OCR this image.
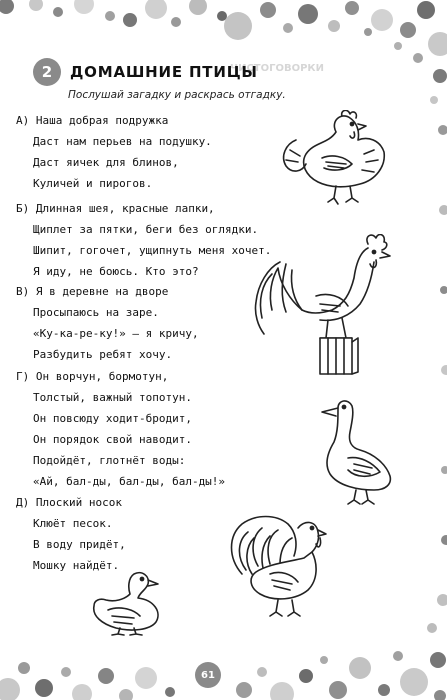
ЧИСТОГОВОРКИ
2	ДОМАШНИЕ ПТИЦЫ
Послушай загадку и раскрась отгадку.
А) Наша добрая подружка
Даст нам перьев на подушку.
Даст яичек для блинов,
Куличей и пирогов.
Б) Длинная шея, красные лапки,
Щиплет за пятки, беги без оглядки.
Шипит, гогочет, ущипнуть меня хочет.
Я иду, не боюсь. Кто это?
В) Я в деревне на дворе
Просыпаюсь на заре.
«Ку-ка-ре-ку!» — я кричу,
Разбудить ребят хочу.
Г) Он ворчун, бормотун,
Толстый, важный топотун.
Он повсюду ходит-бродит,
Он порядок свой наводит.
Подойдёт, глотнёт воды:
«Ай, бал-ды, бал-ды, бал-ды!»
Д) Плоский носок
Клюёт песок.
В воду придёт,
Мошку найдёт.
61
